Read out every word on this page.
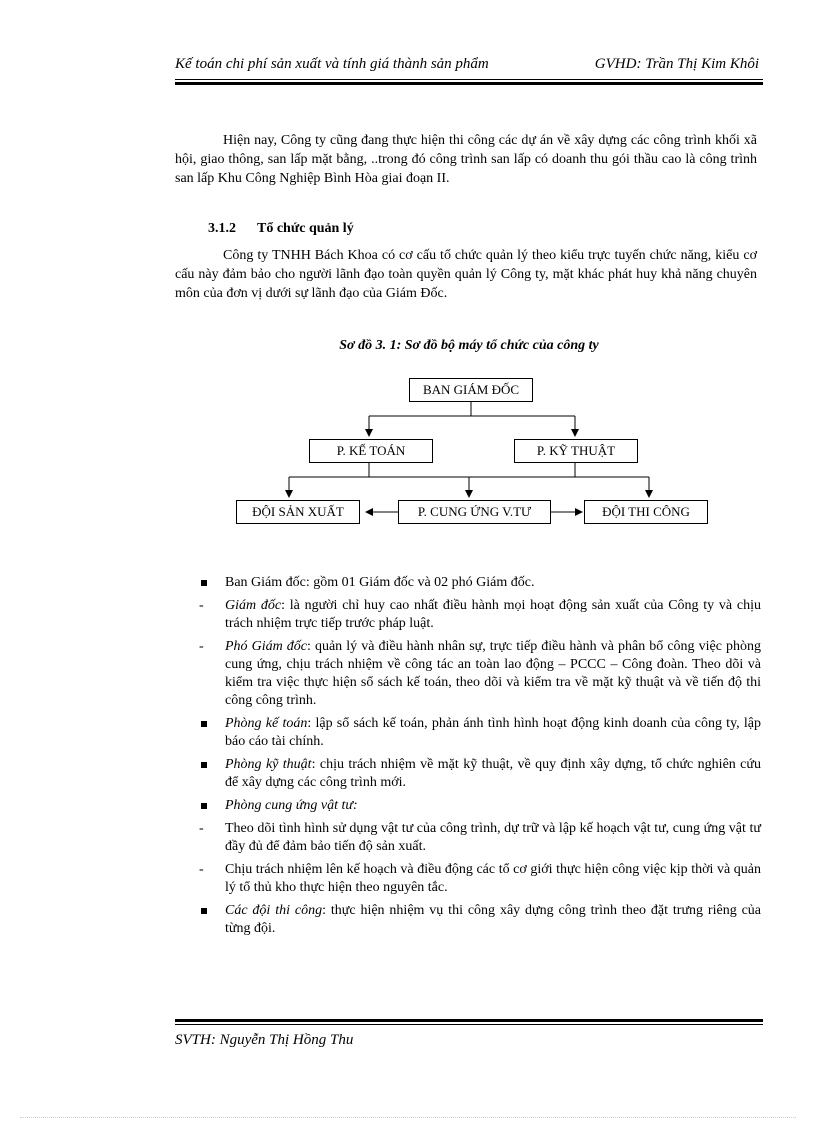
Kế toán chi phí sản xuất và tính giá thành sản phẩm	GVHD: Trần Thị Kim Khôi
Hiện nay, Công ty cũng đang thực hiện thi công các dự án về xây dựng các công trình khối xã hội, giao thông, san lấp mặt bằng, ..trong đó công trình san lấp có doanh thu gói thầu cao là công trình san lấp Khu Công Nghiệp Bình Hòa giai đoạn II.
3.1.2 Tổ chức quản lý
Công ty TNHH Bách Khoa có cơ cấu tổ chức quản lý theo kiểu trực tuyến chức năng, kiểu cơ cấu này đảm bảo cho người lãnh đạo toàn quyền quản lý Công ty, mặt khác phát huy khả năng chuyên môn của đơn vị dưới sự lãnh đạo của Giám Đốc.
Sơ đồ 3. 1: Sơ đồ bộ máy tổ chức của công ty
BAN GIÁM ĐỐC
P. KẾ TOÁN	P. KỸ THUẬT
ĐỘI SẢN XUẤT	P. CUNG ỨNG V.TƯ	ĐỘI THI CÔNG
Ban Giám đốc: gồm 01 Giám đốc và 02 phó Giám đốc.
-	Giám đốc: là người chỉ huy cao nhất điều hành mọi hoạt động sản xuất của Công ty và chịu trách nhiệm trực tiếp trước pháp luật.
-	Phó Giám đốc: quản lý và điều hành nhân sự, trực tiếp điều hành và phân bổ công việc phòng cung ứng, chịu trách nhiệm về công tác an toàn lao động – PCCC – Công đoàn. Theo dõi và kiểm tra việc thực hiện sổ sách kế toán, theo dõi và kiểm tra về mặt kỹ thuật và về tiến độ thi công công trình.
Phòng kế toán: lập sổ sách kế toán, phản ánh tình hình hoạt động kinh doanh của công ty, lập báo cáo tài chính.
Phòng kỹ thuật: chịu trách nhiệm về mặt kỹ thuật, về quy định xây dựng, tổ chức nghiên cứu để xây dựng các công trình mới.
Phòng cung ứng vật tư:
-	Theo dõi tình hình sử dụng vật tư của công trình, dự trữ và lập kế hoạch vật tư, cung ứng vật tư đầy đủ để đảm bảo tiến độ sản xuất.
-	Chịu trách nhiệm lên kế hoạch và điều động các tổ cơ giới thực hiện công việc kịp thời và quản lý tổ thủ kho thực hiện theo nguyên tắc.
Các đội thi công: thực hiện nhiệm vụ thi công xây dựng công trình theo đặt trưng riêng của từng đội.
SVTH: Nguyễn Thị Hồng Thu
